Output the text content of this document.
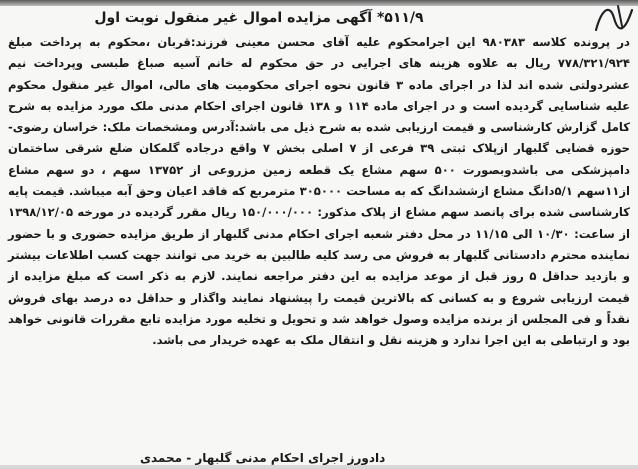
۵۱۱/۹* آگهی مزایده اموال غیر منقول نوبت اول

در پرونده کلاسه ۹۸۰۳۸۳ این اجرامحکوم علیه آقای محسن معینی فرزند:قربان ،محکوم به پرداخت مبلغ ۷۷۸/۳۲۱/۹۲۴ ریال به علاوه هزینه های اجرایی در حق محکوم له خانم آسیه صباغ طبسی وپرداخت نیم عشردولتی شده اند لذا در اجرای ماده ۳ قانون نحوه اجرای محکومیت های مالی، اموال غیر منقول محکوم علیه شناسایی گردیده است و در اجرای ماده ۱۱۴ و ۱۳۸ قانون اجرای احکام مدنی ملک مورد مزایده به شرح کامل گزارش کارشناسی و قیمت ارزیابی شده به شرح ذیل می باشد:آدرس ومشخصات ملک: خراسان رضوی- حوزه قضایی گلبهار ازپلاک ثبتی ۳۹ فرعی از ۷ اصلی بخش ۷ واقع درجاده گلمکان ضلع شرقی ساختمان دامپزشکی می باشدوبصورت ۵۰۰ سهم مشاع یک قطعه زمین مزروعی از ۱۳۷۵۲ سهم ، دو سهم مشاع از۱۱سهم ۵/۱دانگ مشاع ازششدانگ که به مساحت ۳۰۵۰۰۰ مترمربع که فاقد اعیان وحق آبه میباشد. قیمت پایه کارشناسی شده برای پانصد سهم مشاع از پلاک مذکور: ۱۵۰/۰۰۰/۰۰۰ ریال مقرر گردیده در مورخه ۱۳۹۸/۱۲/۰۵ از ساعت: ۱۰/۳۰ الی ۱۱/۱۵ در محل دفتر شعبه اجرای احکام مدنی گلبهار از طریق مزایده حضوری و با حضور نماینده محترم دادستانی گلبهار به فروش می رسد کلیه طالبین به خرید می توانند جهت کسب اطلاعات بیشتر و بازدید حداقل ۵ روز قبل از موعد مزایده به این دفتر مراجعه نمایند. لازم به ذکر است که مبلغ مزایده از قیمت ارزیابی شروع و به کسانی که بالاترین قیمت را پیشنهاد نمایند واگذار و حداقل ده درصد بهای فروش نقداً و فی المجلس از برنده مزایده وصول خواهد شد و تحویل و تخلیه مورد مزایده تابع مقررات قانونی خواهد بود و ارتباطی به این اجرا ندارد و هزینه نقل و انتقال ملک به عهده خریدار می باشد.

دادورز اجرای احکام مدنی گلبهار - محمدی
